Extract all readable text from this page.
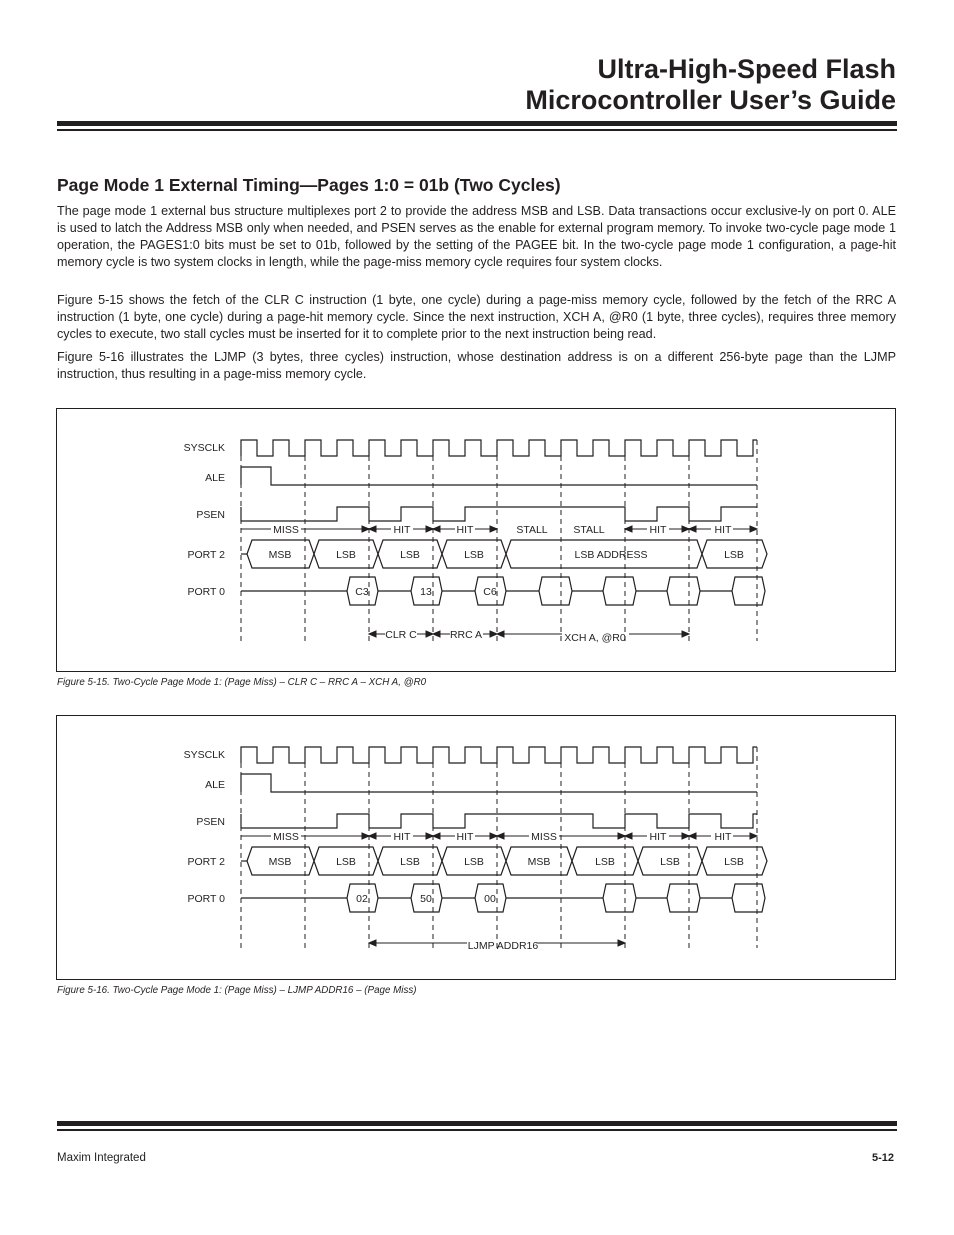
Ultra-High-Speed Flash
Microcontroller User’s Guide
Page Mode 1 External Timing—Pages 1:0 = 01b (Two Cycles)

The page mode 1 external bus structure multiplexes port 2 to provide the address MSB and LSB. Data transactions occur exclusive-ly on port 0. ALE is used to latch the Address MSB only when needed, and PSEN serves as the enable for external program memory. To invoke two-cycle page mode 1 operation, the PAGES1:0 bits must be set to 01b, followed by the setting of the PAGEE bit. In the two-cycle page mode 1 configuration, a page-hit memory cycle is two system clocks in length, while the page-miss memory cycle requires four system clocks.

Figure 5-15 shows the fetch of the CLR C instruction (1 byte, one cycle) during a page-miss memory cycle, followed by the fetch of the RRC A instruction (1 byte, one cycle) during a page-hit memory cycle. Since the next instruction, XCH A, @R0 (1 byte, three cycles), requires three memory cycles to execute, two stall cycles must be inserted for it to complete prior to the next instruction being read.

Figure 5-16 illustrates the LJMP (3 bytes, three cycles) instruction, whose destination address is on a different 256-byte page than the LJMP instruction, thus resulting in a page-miss memory cycle.

SYSCLK
ALE
PSEN
PORT 2
PORT 0
MISS	HIT	HIT	STALL STALL	HIT	HIT
MSB	LSB	LSB	LSB	LSB ADDRESS	LSB
C3	13	C6
CLR C	RRC A	XCH A, @R0
Figure 5-15. Two-Cycle Page Mode 1: (Page Miss) – CLR C – RRC A – XCH A, @R0
SYSCLK
ALE
PSEN
PORT 2
PORT 0
MISS	HIT	HIT	MISS	HIT	HIT
MSB	LSB	LSB	LSB	MSB	LSB	LSB	LSB
02	50	00
LJMP ADDR16
Figure 5-16. Two-Cycle Page Mode 1: (Page Miss) – LJMP ADDR16 – (Page Miss)
Maxim Integrated	5-12
